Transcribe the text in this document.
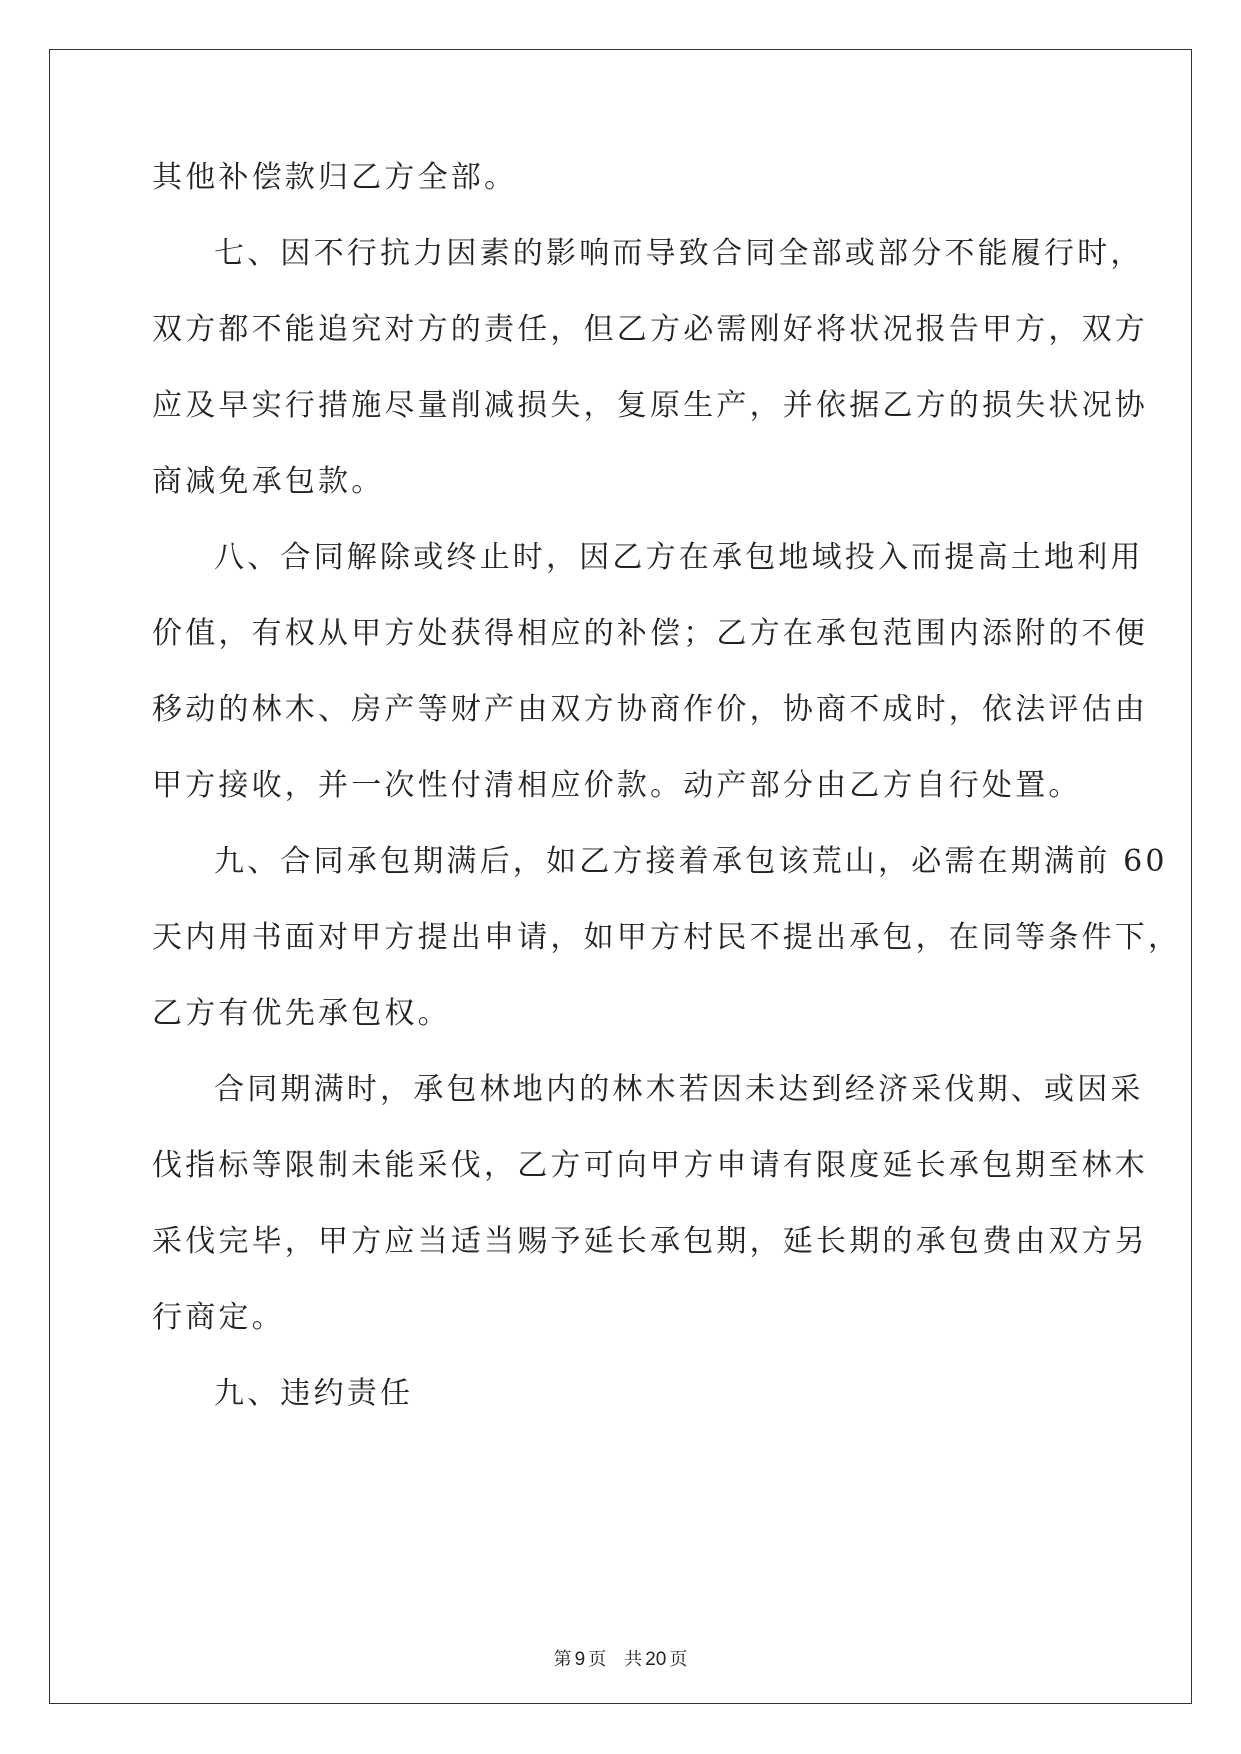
其他补偿款归乙方全部。
七、因不行抗力因素的影响而导致合同全部或部分不能履行时，
双方都不能追究对方的责任，但乙方必需刚好将状况报告甲方，双方
应及早实行措施尽量削减损失，复原生产，并依据乙方的损失状况协
商减免承包款。
八、合同解除或终止时，因乙方在承包地域投入而提高土地利用
价值，有权从甲方处获得相应的补偿；乙方在承包范围内添附的不便
移动的林木、房产等财产由双方协商作价，协商不成时，依法评估由
甲方接收，并一次性付清相应价款。动产部分由乙方自行处置。
九、合同承包期满后，如乙方接着承包该荒山，必需在期满前 60
天内用书面对甲方提出申请，如甲方村民不提出承包，在同等条件下，
乙方有优先承包权。
合同期满时，承包林地内的林木若因未达到经济采伐期、或因采
伐指标等限制未能采伐，乙方可向甲方申请有限度延长承包期至林木
采伐完毕，甲方应当适当赐予延长承包期，延长期的承包费由双方另
行商定。
九、违约责任
第 9 页 共 20 页
